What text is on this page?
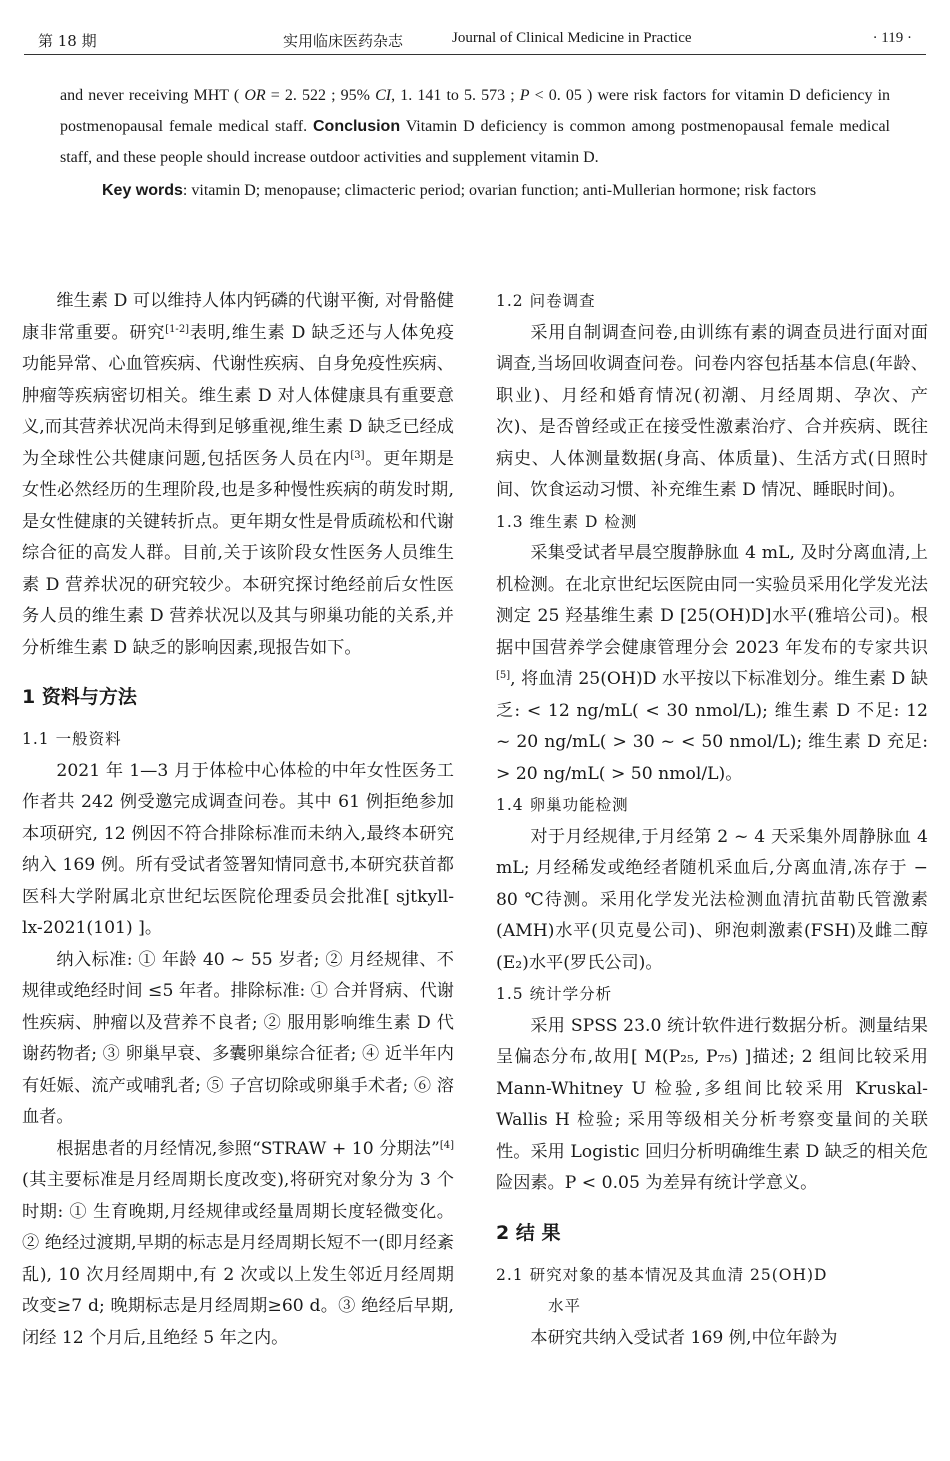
第 18 期	实用临床医药杂志	Journal of Clinical Medicine in Practice	· 119 ·
and never receiving MHT ( OR = 2. 522 ; 95% CI, 1. 141 to 5. 573 ; P < 0. 05 ) were risk factors for vitamin D deficiency in postmenopausal female medical staff. Conclusion Vitamin D deficiency is common among postmenopausal female medical staff, and these people should increase outdoor activities and supplement vitamin D.
Key words: vitamin D; menopause; climacteric period; ovarian function; anti-Mullerian hormone; risk factors

维生素 D 可以维持人体内钙磷的代谢平衡, 对骨骼健康非常重要。研究[1-2]表明,维生素 D 缺乏还与人体免疫功能异常、心血管疾病、代谢性疾病、自身免疫性疾病、肿瘤等疾病密切相关。维生素 D 对人体健康具有重要意义,而其营养状况尚未得到足够重视,维生素 D 缺乏已经成为全球性公共健康问题,包括医务人员在内[3]。更年期是女性必然经历的生理阶段,也是多种慢性疾病的萌发时期,是女性健康的关键转折点。更年期女性是骨质疏松和代谢综合征的高发人群。目前,关于该阶段女性医务人员维生素 D 营养状况的研究较少。本研究探讨绝经前后女性医务人员的维生素 D 营养状况以及其与卵巢功能的关系,并分析维生素 D 缺乏的影响因素,现报告如下。

1 资料与方法
1.1 一般资料

2021 年 1—3 月于体检中心体检的中年女性医务工作者共 242 例受邀完成调查问卷。其中 61 例拒绝参加本项研究, 12 例因不符合排除标准而未纳入,最终本研究纳入 169 例。所有受试者签署知情同意书,本研究获首都医科大学附属北京世纪坛医院伦理委员会批准[ sjtkyll-lx-2021(101) ]。

纳入标准: ① 年龄 40 ~ 55 岁者; ② 月经规律、不规律或绝经时间 ≤5 年者。排除标准: ① 合并肾病、代谢性疾病、肿瘤以及营养不良者; ② 服用影响维生素 D 代谢药物者; ③ 卵巢早衰、多囊卵巢综合征者; ④ 近半年内有妊娠、流产或哺乳者; ⑤ 子宫切除或卵巢手术者; ⑥ 溶血者。

根据患者的月经情况,参照“STRAW + 10 分期法”[4](其主要标准是月经周期长度改变),将研究对象分为 3 个时期: ① 生育晚期,月经规律或经量周期长度轻微变化。② 绝经过渡期,早期的标志是月经周期长短不一(即月经紊乱), 10 次月经周期中,有 2 次或以上发生邻近月经周期改变≥7 d; 晚期标志是月经周期≥60 d。③ 绝经后早期,闭经 12 个月后,且绝经 5 年之内。

1.2 问卷调查

采用自制调查问卷,由训练有素的调查员进行面对面调查,当场回收调查问卷。问卷内容包括基本信息(年龄、职业)、月经和婚育情况(初潮、月经周期、孕次、产次)、是否曾经或正在接受性激素治疗、合并疾病、既往病史、人体测量数据(身高、体质量)、生活方式(日照时间、饮食运动习惯、补充维生素 D 情况、睡眠时间)。

1.3 维生素 D 检测

采集受试者早晨空腹静脉血 4 mL, 及时分离血清,上机检测。在北京世纪坛医院由同一实验员采用化学发光法测定 25 羟基维生素 D [25(OH)D]水平(雅培公司)。根据中国营养学会健康管理分会 2023 年发布的专家共识[5], 将血清 25(OH)D 水平按以下标准划分。维生素 D 缺乏: < 12 ng/mL( < 30 nmol/L); 维生素 D 不足: 12 ~ 20 ng/mL( > 30 ~ < 50 nmol/L); 维生素 D 充足: > 20 ng/mL( > 50 nmol/L)。

1.4 卵巢功能检测

对于月经规律,于月经第 2 ~ 4 天采集外周静脉血 4 mL; 月经稀发或绝经者随机采血后,分离血清,冻存于 − 80 ℃待测。采用化学发光法检测血清抗苗勒氏管激素(AMH)水平(贝克曼公司)、卵泡刺激素(FSH)及雌二醇(E₂)水平(罗氏公司)。

1.5 统计学分析

采用 SPSS 23.0 统计软件进行数据分析。测量结果呈偏态分布,故用[ M(P₂₅, P₇₅) ]描述; 2 组间比较采用 Mann-Whitney U 检验,多组间比较采用 Kruskal-Wallis H 检验; 采用等级相关分析考察变量间的关联性。采用 Logistic 回归分析明确维生素 D 缺乏的相关危险因素。P < 0.05 为差异有统计学意义。

2 结 果
2.1 研究对象的基本情况及其血清 25(OH)D
水平

本研究共纳入受试者 169 例,中位年龄为
